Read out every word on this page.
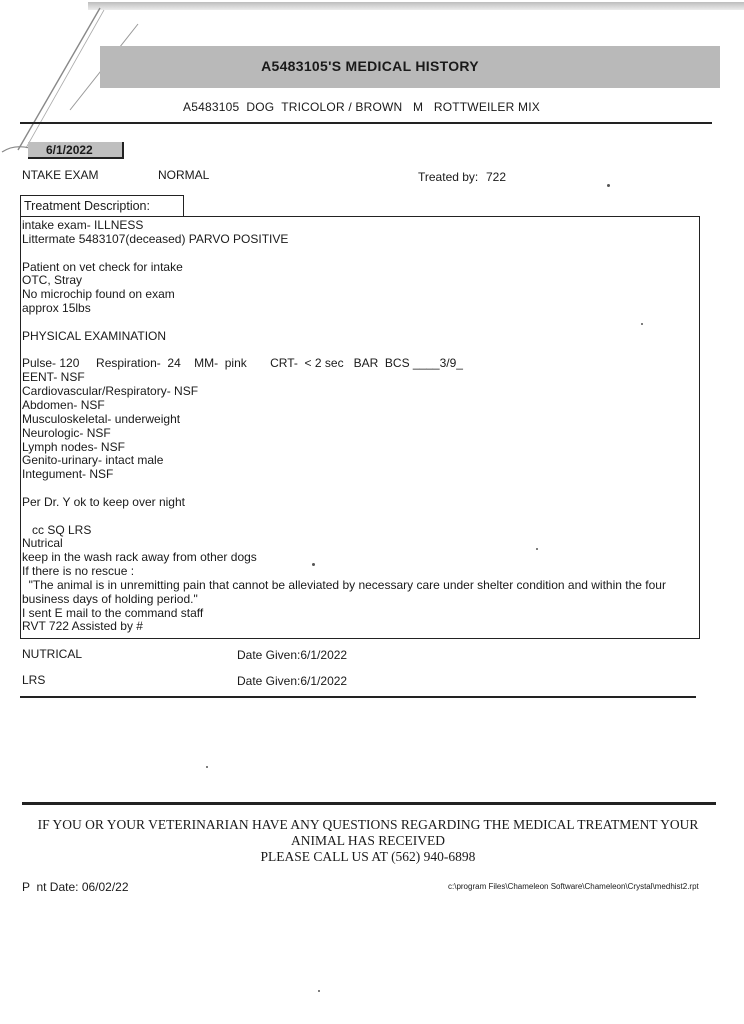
A5483105'S MEDICAL HISTORY
A5483105 DOG TRICOLOR / BROWN M ROTTWEILER MIX
6/1/2022
NTAKE EXAM	NORMAL	Treated by: 722
Treatment Description:
intake exam- ILLNESS
Littermate 5483107(deceased) PARVO POSITIVE
Patient on vet check for intake
OTC, Stray
No microchip found on exam
approx 15lbs
PHYSICAL EXAMINATION
Pulse- 120     Respiration-  24    MM-  pink       CRT-  < 2 sec   BAR  BCS ____3/9_
EENT- NSF
Cardiovascular/Respiratory- NSF
Abdomen- NSF
Musculoskeletal- underweight
Neurologic- NSF
Lymph nodes- NSF
Genito-urinary- intact male
Integument- NSF
Per Dr. Y ok to keep over night
cc SQ LRS
Nutrical
keep in the wash rack away from other dogs
If there is no rescue :
"The animal is in unremitting pain that cannot be alleviated by necessary care under shelter condition and within the four
business days of holding period."
I sent E mail to the command staff
RVT 722 Assisted by #
NUTRICAL	Date Given:6/1/2022
LRS	Date Given:6/1/2022
IF YOU OR YOUR VETERINARIAN HAVE ANY QUESTIONS REGARDING THE MEDICAL TREATMENT YOUR
ANIMAL HAS RECEIVED
PLEASE CALL US AT (562) 940-6898
P  nt Date: 06/02/22	c:\program Files\Chameleon Software\Chameleon\Crystal\medhist2.rpt
